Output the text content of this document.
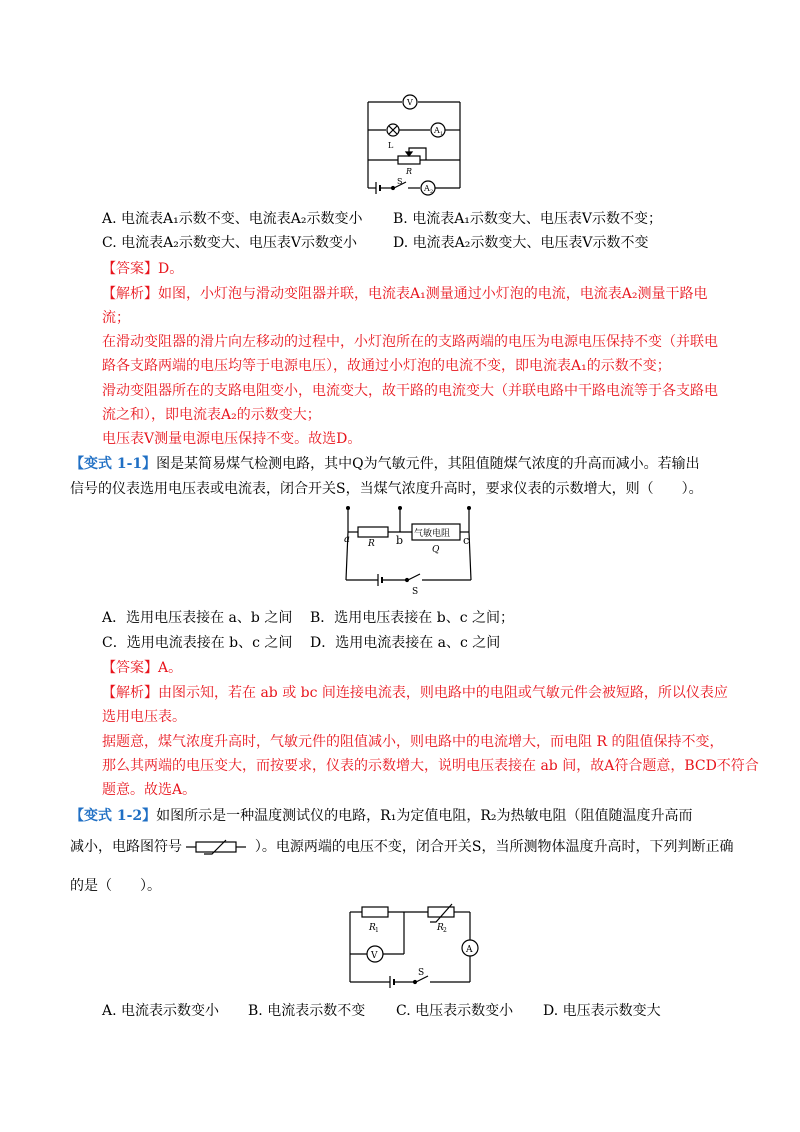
V
A 1
L
R
S
A 2
A. 电流表A₁示数不变、电流表A₂示数变小 B. 电流表A₁示数变大、电压表V示数不变；
C. 电流表A₂示数变大、电压表V示数变小	D. 电流表A₂示数变大、电压表V示数不变
【答案】D。
【解析】如图，小灯泡与滑动变阻器并联，电流表A₁测量通过小灯泡的电流，电流表A₂测量干路电
流；
在滑动变阻器的滑片向左移动的过程中，小灯泡所在的支路两端的电压为电源电压保持不变（并联电
路各支路两端的电压均等于电源电压），故通过小灯泡的电流不变，即电流表A₁的示数不变；
滑动变阻器所在的支路电阻变小，电流变大，故干路的电流变大（并联电路中干路电流等于各支路电
流之和），即电流表A₂的示数变大；
电压表V测量电源电压保持不变。故选D。
【变式 1-1】图是某简易煤气检测电路，其中Q为气敏元件，其阻值随煤气浓度的升高而减小。若输出
信号的仪表选用电压表或电流表，闭合开关S，当煤气浓度升高时，要求仪表的示数增大，则（　　）。
a R b 气敏电阻
Q
c
S
A．选用电压表接在 a、b 之间 B．选用电压表接在 b、c 之间；
C．选用电流表接在 b、c 之间 D．选用电流表接在 a、c 之间
【答案】A。
【解析】由图示知，若在 ab 或 bc 间连接电流表，则电路中的电阻或气敏元件会被短路，所以仪表应
选用电压表。
据题意，煤气浓度升高时，气敏元件的阻值减小，则电路中的电流增大，而电阻 R 的阻值保持不变，
那么其两端的电压变大，而按要求，仪表的示数增大，说明电压表接在 ab 间，故A符合题意，BCD不符合
题意。故选A。
【变式 1-2】如图所示是一种温度测试仪的电路，R₁为定值电阻，R₂为热敏电阻（阻值随温度升高而
减小，电路图符号	）。电源两端的电压不变，闭合开关S，当所测物体温度升高时，下列判断正确
的是（　　）。
R 1	R 2
V
A
S
A. 电流表示数变小 B. 电流表示数不变 C. 电压表示数变小 D. 电压表示数变大
